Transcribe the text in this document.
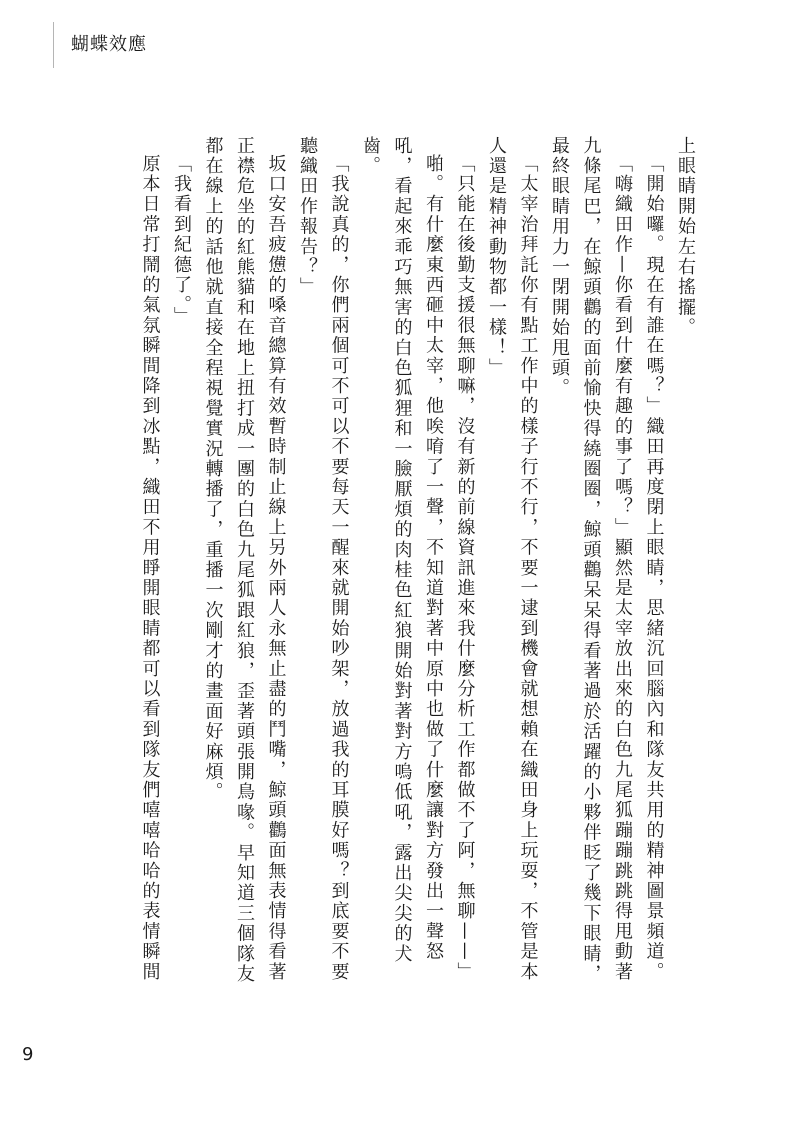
蝴蝶效應

上眼睛開始左右搖擺。

「開始囉。現在有誰在嗎？」織田再度閉上眼睛，思緒沉回腦內和隊友共用的精神圖景頻道。

「嗨織田作—你看到什麼有趣的事了嗎？」顯然是太宰放出來的白色九尾狐蹦蹦跳跳得甩動著九條尾巴，在鯨頭鸛的面前愉快得繞圈圈，鯨頭鸛呆呆得看著過於活躍的小夥伴眨了幾下眼睛，最終眼睛用力一閉開始甩頭。

「太宰治拜託你有點工作中的樣子行不行，不要一逮到機會就想賴在織田身上玩耍，不管是本人還是精神動物都一樣！」

「只能在後勤支援很無聊嘛，沒有新的前線資訊進來我什麼分析工作都做不了阿，無聊——」

啪。有什麼東西砸中太宰，他唉唷了一聲，不知道對著中原中也做了什麼讓對方發出一聲怒吼，看起來乖巧無害的白色狐狸和一臉厭煩的肉桂色紅狼開始對著對方嗚低吼，露出尖尖的犬齒。

「我說真的，你們兩個可不可以不要每天一醒來就開始吵架，放過我的耳膜好嗎？到底要不要聽織田作報告？」

坂口安吾疲憊的嗓音總算有效暫時制止線上另外兩人永無止盡的鬥嘴，鯨頭鸛面無表情得看著正襟危坐的紅熊貓和在地上扭打成一團的白色九尾狐跟紅狼，歪著頭張開鳥喙。早知道三個隊友都在線上的話他就直接全程視覺實況轉播了，重播一次剛才的畫面好麻煩。

「我看到紀德了。」

原本日常打鬧的氣氛瞬間降到冰點，織田不用睜開眼睛都可以看到隊友們嘻嘻哈哈的表情瞬間

9
